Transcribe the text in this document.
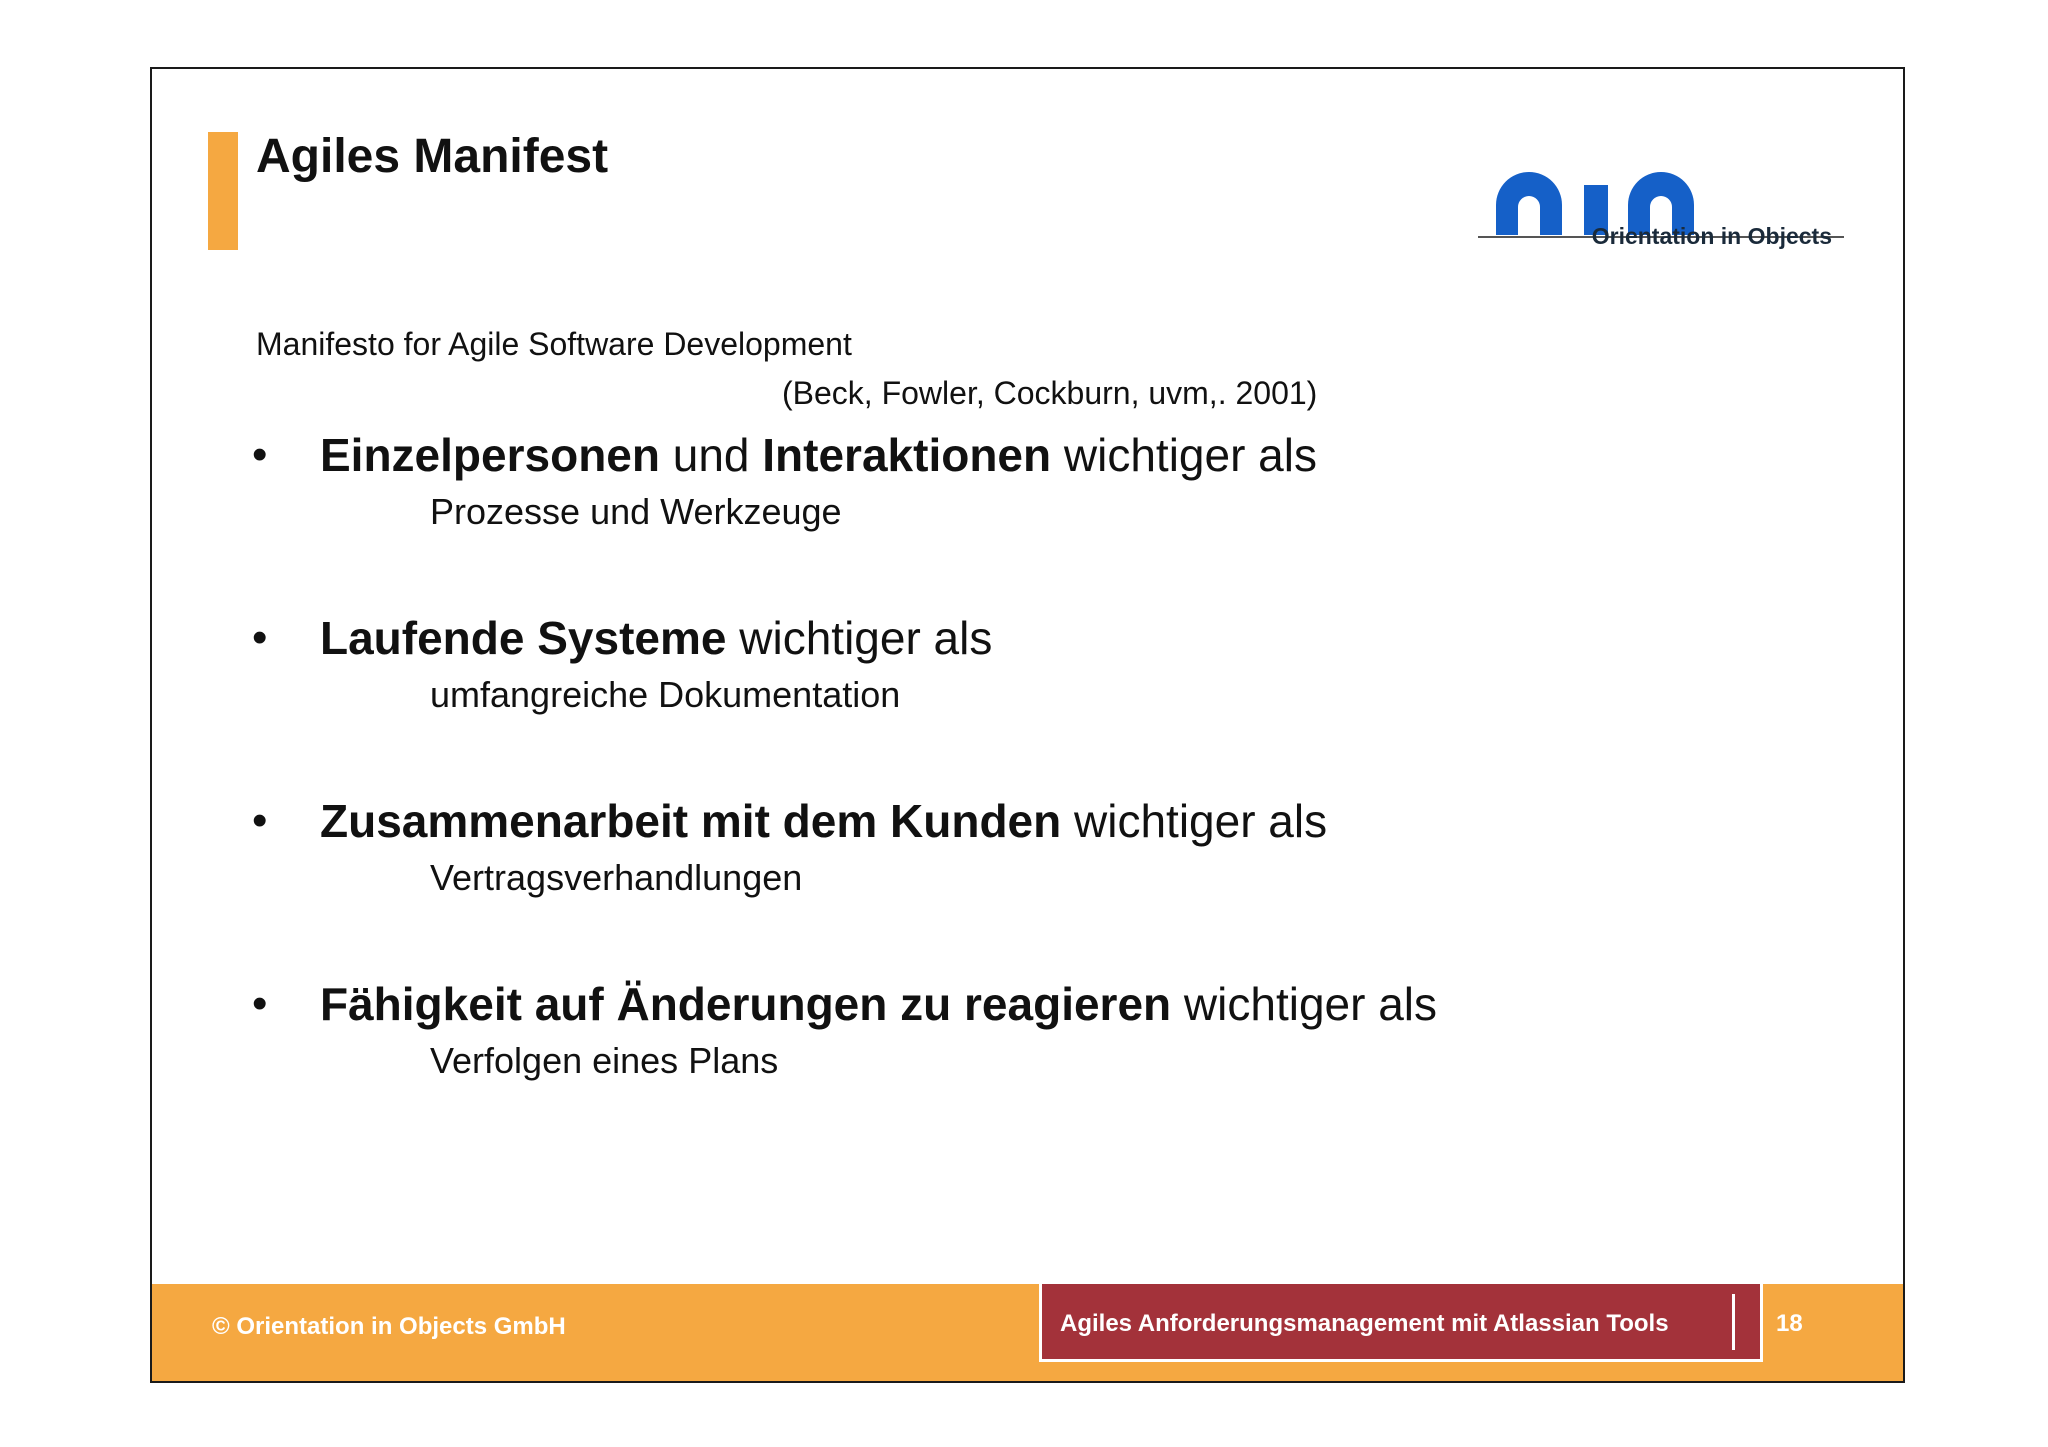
Agiles Manifest
Orientation in Objects
Manifesto for Agile Software Development
(Beck, Fowler, Cockburn, uvm,. 2001)
• Einzelpersonen und Interaktionen wichtiger als
Prozesse und Werkzeuge
• Laufende Systeme wichtiger als
umfangreiche Dokumentation
• Zusammenarbeit mit dem Kunden wichtiger als
Vertragsverhandlungen
• Fähigkeit auf Änderungen zu reagieren wichtiger als
Verfolgen eines Plans
© Orientation in Objects GmbH	Agiles Anforderungsmanagement mit Atlassian Tools	18
